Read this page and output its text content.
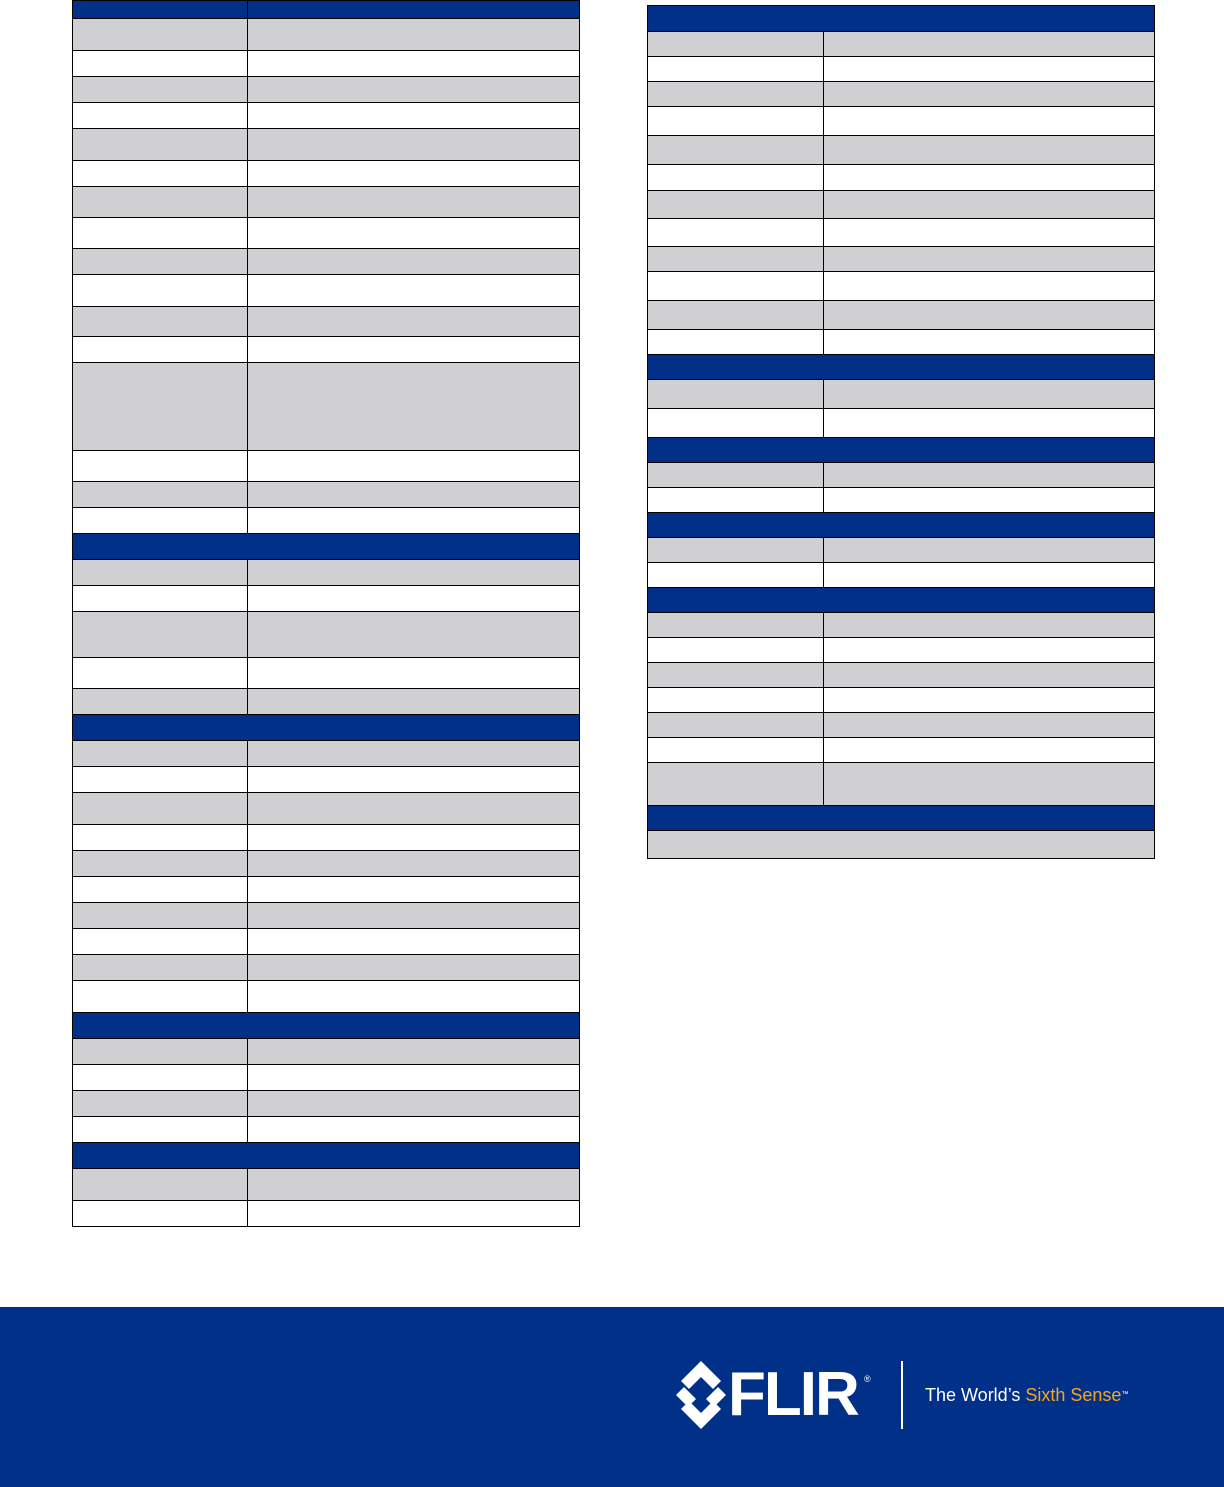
FLIR ®
The World’s Sixth Sense™
